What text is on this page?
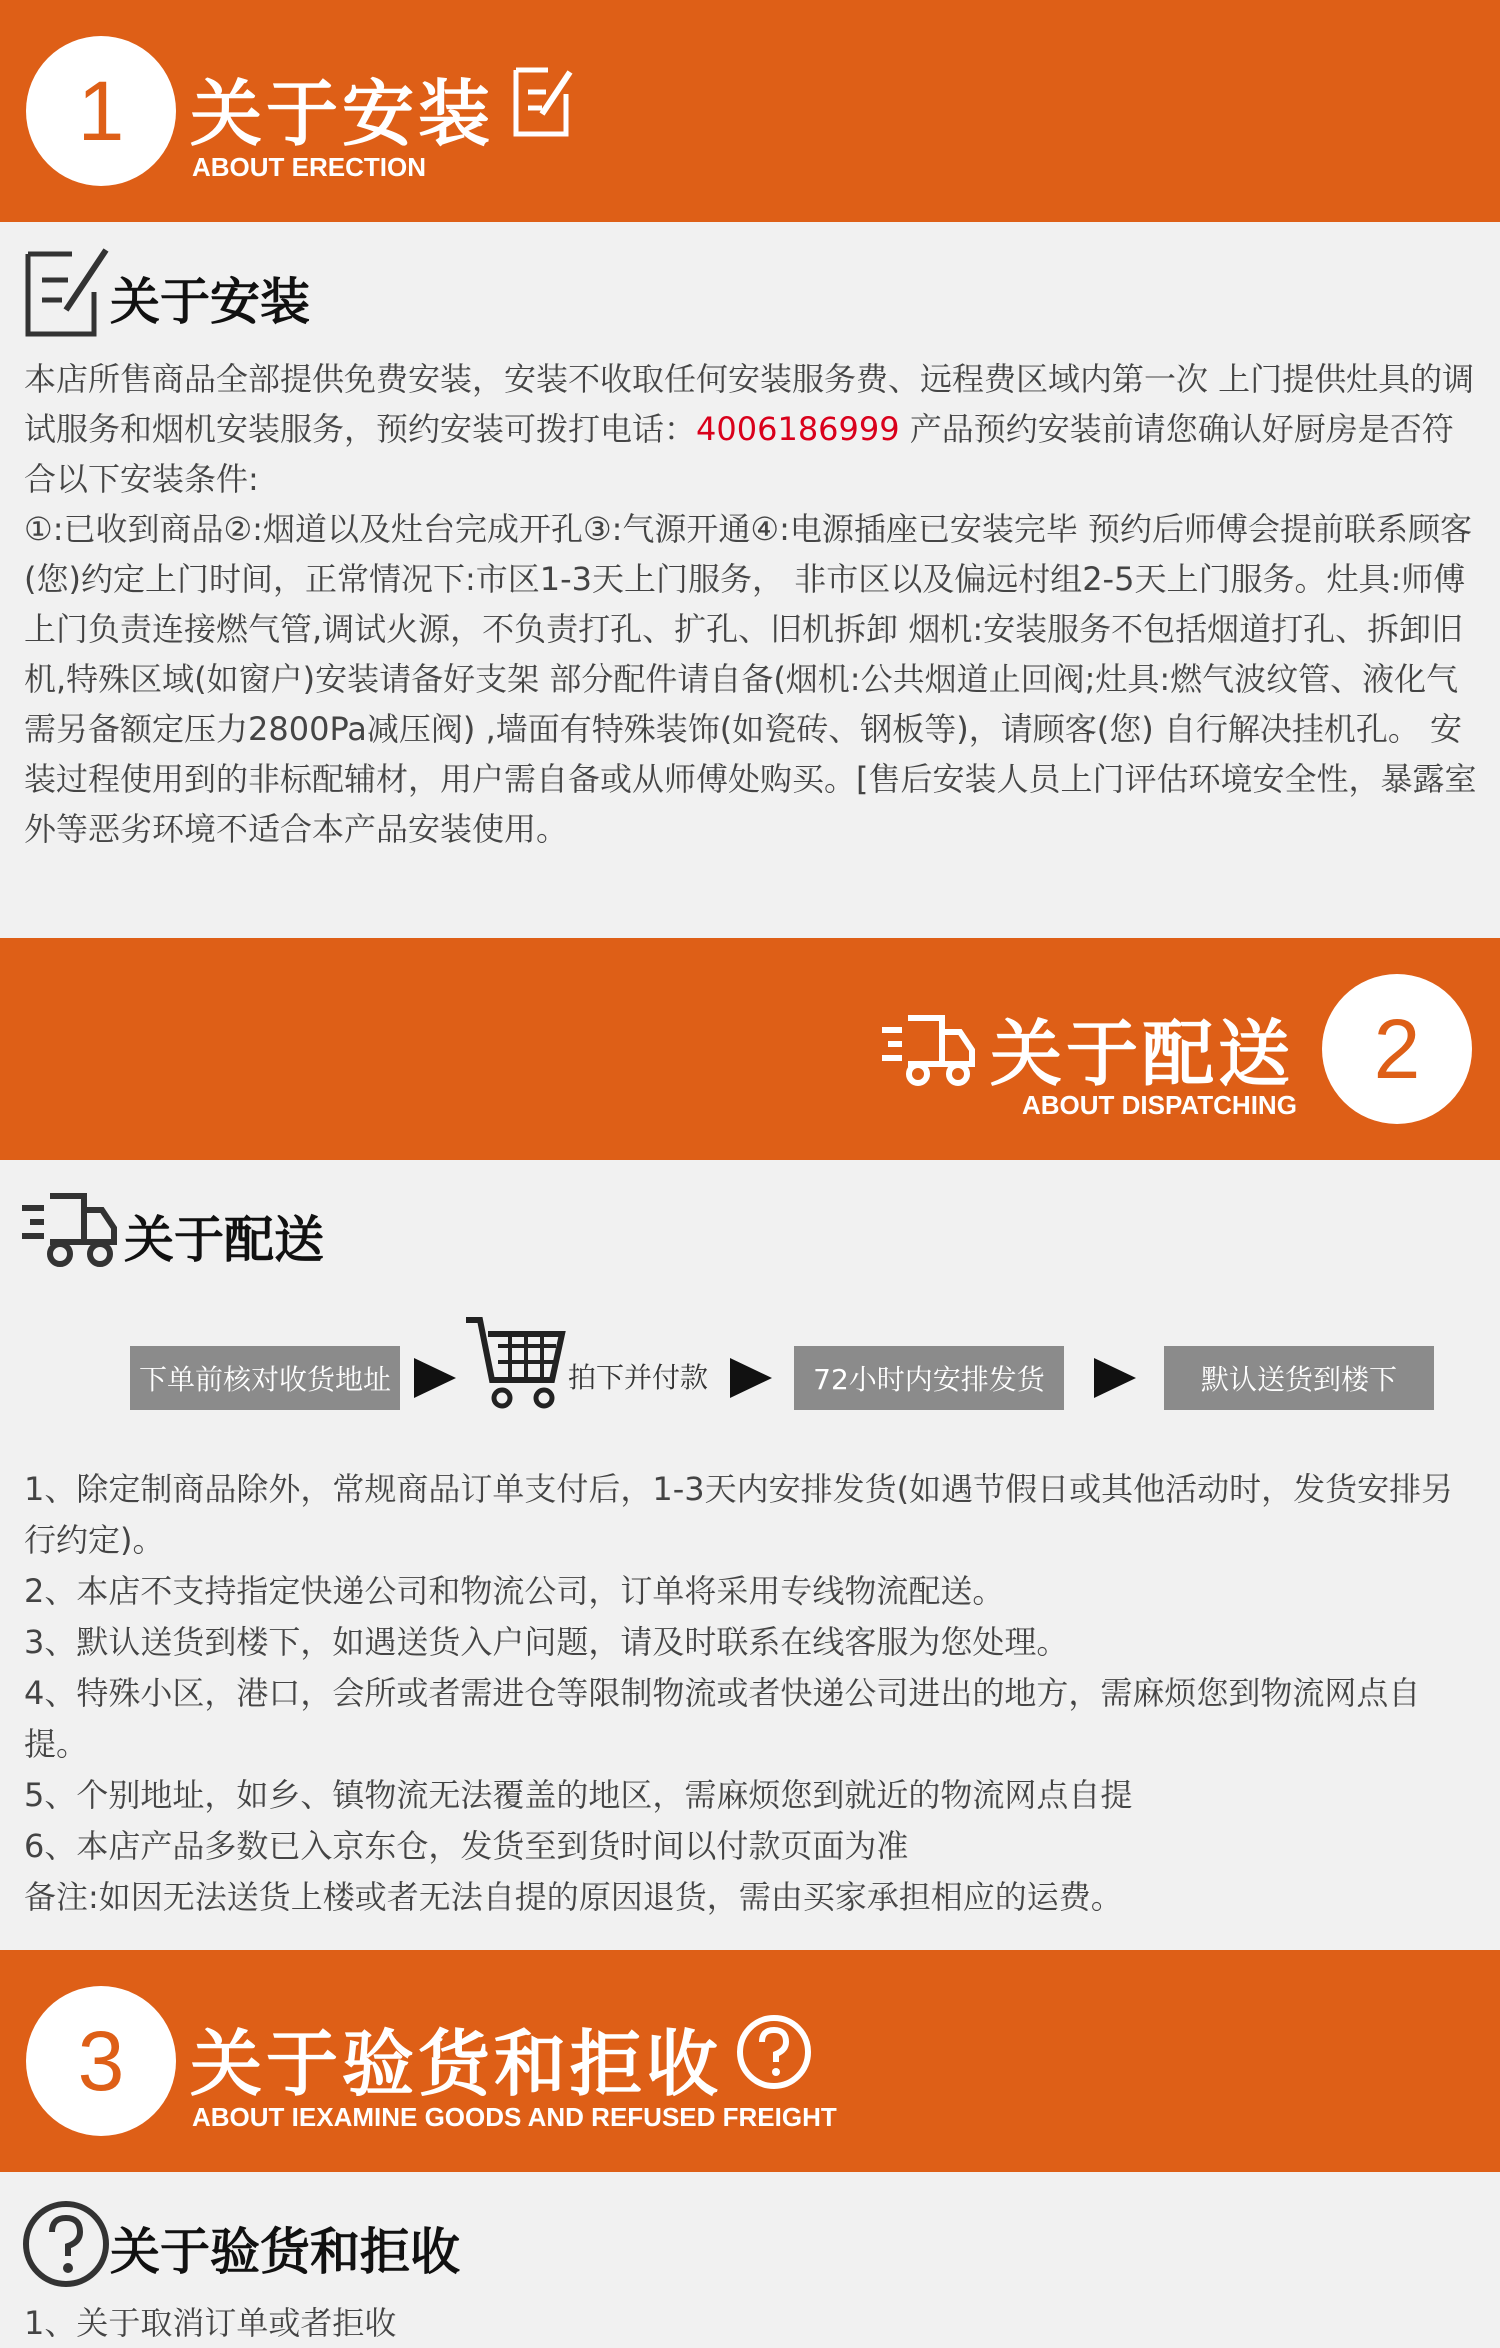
1 关于安装
ABOUT ERECTION
关于安装
本店所售商品全部提供免费安装，安装不收取任何安装服务费、远程费区域内第一次 上门提供灶具的调试服务和烟机安装服务，预约安装可拨打电话：4006186999 产品预约安装前请您确认好厨房是否符合以下安装条件:
①:已收到商品②:烟道以及灶台完成开孔③:气源开通④:电源插座已安装完毕 预约后师傅会提前联系顾客(您)约定上门时间，正常情况下:市区1-3天上门服务， 非市区以及偏远村组2-5天上门服务。灶具:师傅上门负责连接燃气管,调试火源，不负责打孔、扩孔、旧机拆卸 烟机:安装服务不包括烟道打孔、拆卸旧机,特殊区域(如窗户)安装请备好支架 部分配件请自备(烟机:公共烟道止回阀;灶具:燃气波纹管、液化气需另备额定压力2800Pa减压阀) ,墙面有特殊装饰(如瓷砖、钢板等)，请顾客(您) 自行解决挂机孔。 安装过程使用到的非标配辅材，用户需自备或从师傅处购买。[售后安装人员上门评估环境安全性，暴露室外等恶劣环境不适合本产品安装使用。
关于配送
ABOUT DISPATCHING
2
关于配送
下单前核对收货地址	拍下并付款	72小时内安排发货	默认送货到楼下
1、除定制商品除外，常规商品订单支付后，1-3天内安排发货(如遇节假日或其他活动时，发货安排另行约定)。
2、本店不支持指定快递公司和物流公司，订单将采用专线物流配送。
3、默认送货到楼下，如遇送货入户问题，请及时联系在线客服为您处理。
4、特殊小区，港口，会所或者需进仓等限制物流或者快递公司进出的地方，需麻烦您到物流网点自提。
5、个别地址，如乡、镇物流无法覆盖的地区，需麻烦您到就近的物流网点自提
6、本店产品多数已入京东仓，发货至到货时间以付款页面为准
备注:如因无法送货上楼或者无法自提的原因退货，需由买家承担相应的运费。
3 关于验货和拒收
ABOUT IEXAMINE GOODS AND REFUSED FREIGHT
关于验货和拒收
1、关于取消订单或者拒收
